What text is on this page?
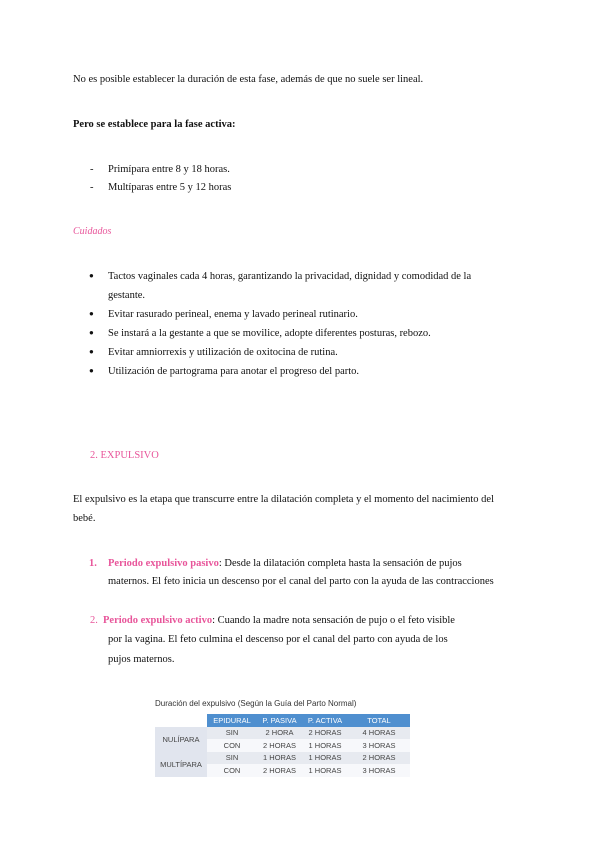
No es posible establecer la duración de esta fase, además de que no suele ser lineal.
Pero se establece para la fase activa:
- Primípara entre 8 y 18 horas.
- Multíparas entre 5 y 12 horas
Cuidados
● Tactos vaginales cada 4 horas, garantizando la privacidad, dignidad y comodidad de la
gestante.
● Evitar rasurado perineal, enema y lavado perineal rutinario.
● Se instará a la gestante a que se movilice, adopte diferentes posturas, rebozo.
● Evitar amniorrexis y utilización de oxitocina de rutina.
● Utilización de partograma para anotar el progreso del parto.
2. EXPULSIVO
El expulsivo es la etapa que transcurre entre la dilatación completa y el momento del nacimiento del
bebé.
1. Periodo expulsivo pasivo: Desde la dilatación completa hasta la sensación de pujos
maternos. El feto inicia un descenso por el canal del parto con la ayuda de las contracciones
2. Periodo expulsivo activo: Cuando la madre nota sensación de pujo o el feto visible
por la vagina. El feto culmina el descenso por el canal del parto con ayuda de los
pujos maternos.
Duración del expulsivo (Según la Guía del Parto Normal)
	EPIDURAL	P. PASIVA	P. ACTIVA	TOTAL
NULÍPARA	SIN	2 HORA	2 HORAS	4 HORAS
	CON	2 HORAS	1 HORAS	3 HORAS
MULTÍPARA	SIN	1 HORAS	1 HORAS	2 HORAS
	CON	2 HORAS	1 HORAS	3 HORAS
